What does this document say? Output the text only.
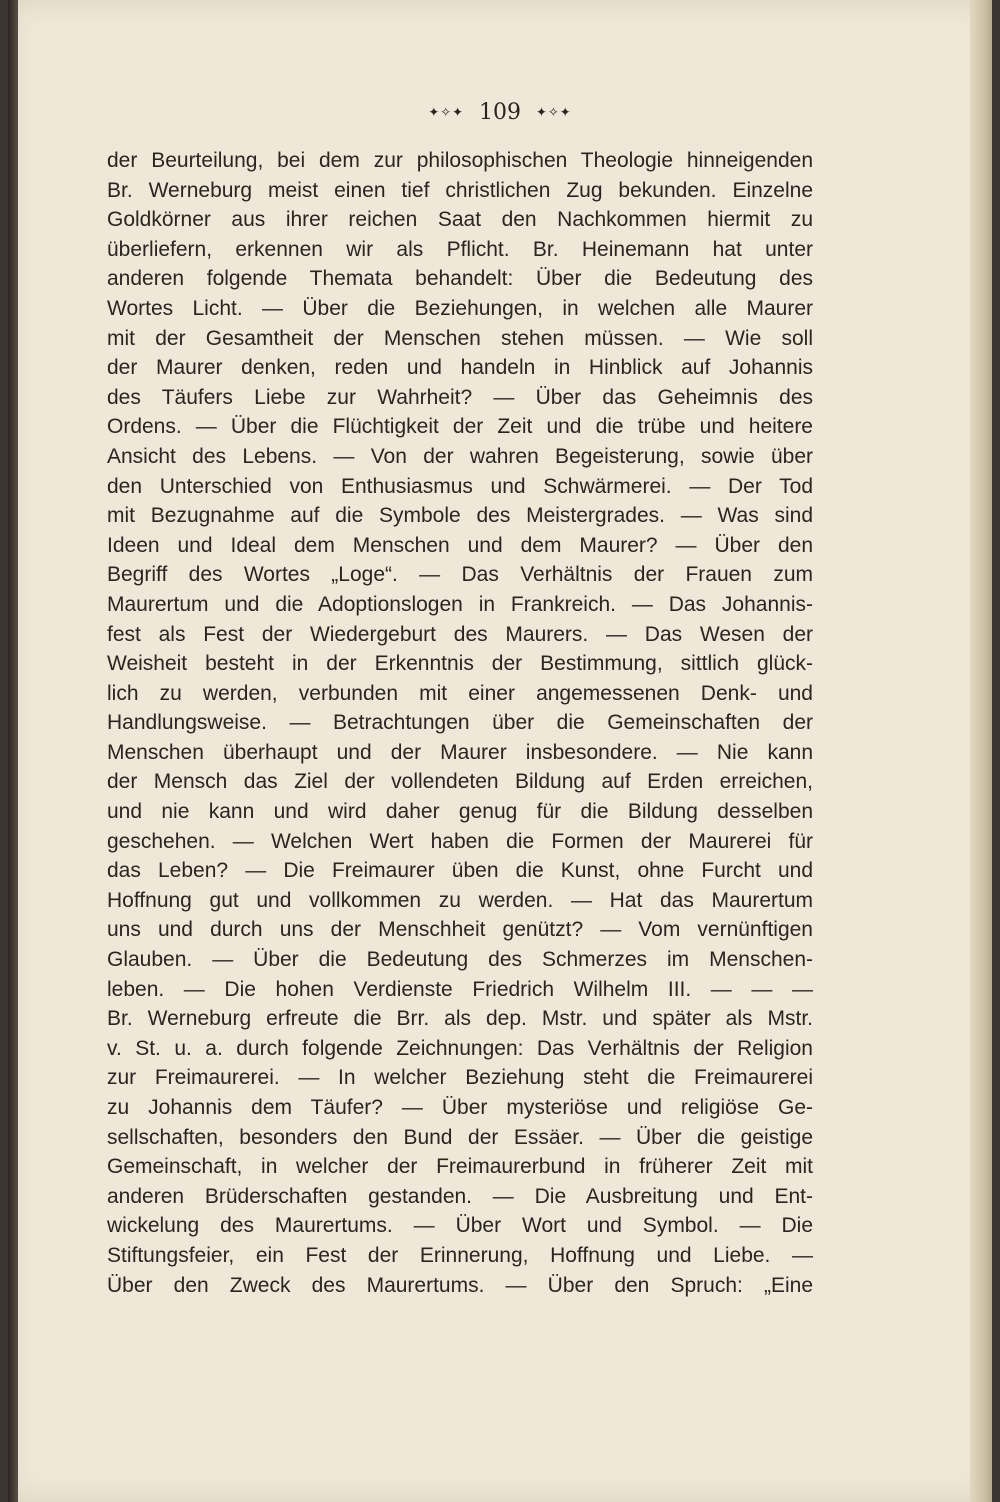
✦✧✦ 109 ✦✧✦
der Beurteilung, bei dem zur philosophischen Theologie hinneigenden
Br. Werneburg meist einen tief christlichen Zug bekunden. Einzelne
Goldkörner aus ihrer reichen Saat den Nachkommen hiermit zu
überliefern, erkennen wir als Pflicht. Br. Heinemann hat unter
anderen folgende Themata behandelt: Über die Bedeutung des
Wortes Licht. — Über die Beziehungen, in welchen alle Maurer
mit der Gesamtheit der Menschen stehen müssen. — Wie soll
der Maurer denken, reden und handeln in Hinblick auf Johannis
des Täufers Liebe zur Wahrheit? — Über das Geheimnis des
Ordens. — Über die Flüchtigkeit der Zeit und die trübe und heitere
Ansicht des Lebens. — Von der wahren Begeisterung, sowie über
den Unterschied von Enthusiasmus und Schwärmerei. — Der Tod
mit Bezugnahme auf die Symbole des Meistergrades. — Was sind
Ideen und Ideal dem Menschen und dem Maurer? — Über den
Begriff des Wortes „Loge“. — Das Verhältnis der Frauen zum
Maurertum und die Adoptionslogen in Frankreich. — Das Johannis-
fest als Fest der Wiedergeburt des Maurers. — Das Wesen der
Weisheit besteht in der Erkenntnis der Bestimmung, sittlich glück-
lich zu werden, verbunden mit einer angemessenen Denk- und
Handlungsweise. — Betrachtungen über die Gemeinschaften der
Menschen überhaupt und der Maurer insbesondere. — Nie kann
der Mensch das Ziel der vollendeten Bildung auf Erden erreichen,
und nie kann und wird daher genug für die Bildung desselben
geschehen. — Welchen Wert haben die Formen der Maurerei für
das Leben? — Die Freimaurer üben die Kunst, ohne Furcht und
Hoffnung gut und vollkommen zu werden. — Hat das Maurertum
uns und durch uns der Menschheit genützt? — Vom vernünftigen
Glauben. — Über die Bedeutung des Schmerzes im Menschen-
leben. — Die hohen Verdienste Friedrich Wilhelm III. — — —
Br. Werneburg erfreute die Brr. als dep. Mstr. und später als Mstr.
v. St. u. a. durch folgende Zeichnungen: Das Verhältnis der Religion
zur Freimaurerei. — In welcher Beziehung steht die Freimaurerei
zu Johannis dem Täufer? — Über mysteriöse und religiöse Ge-
sellschaften, besonders den Bund der Essäer. — Über die geistige
Gemeinschaft, in welcher der Freimaurerbund in früherer Zeit mit
anderen Brüderschaften gestanden. — Die Ausbreitung und Ent-
wickelung des Maurertums. — Über Wort und Symbol. — Die
Stiftungsfeier, ein Fest der Erinnerung, Hoffnung und Liebe. —
Über den Zweck des Maurertums. — Über den Spruch: „Eine
